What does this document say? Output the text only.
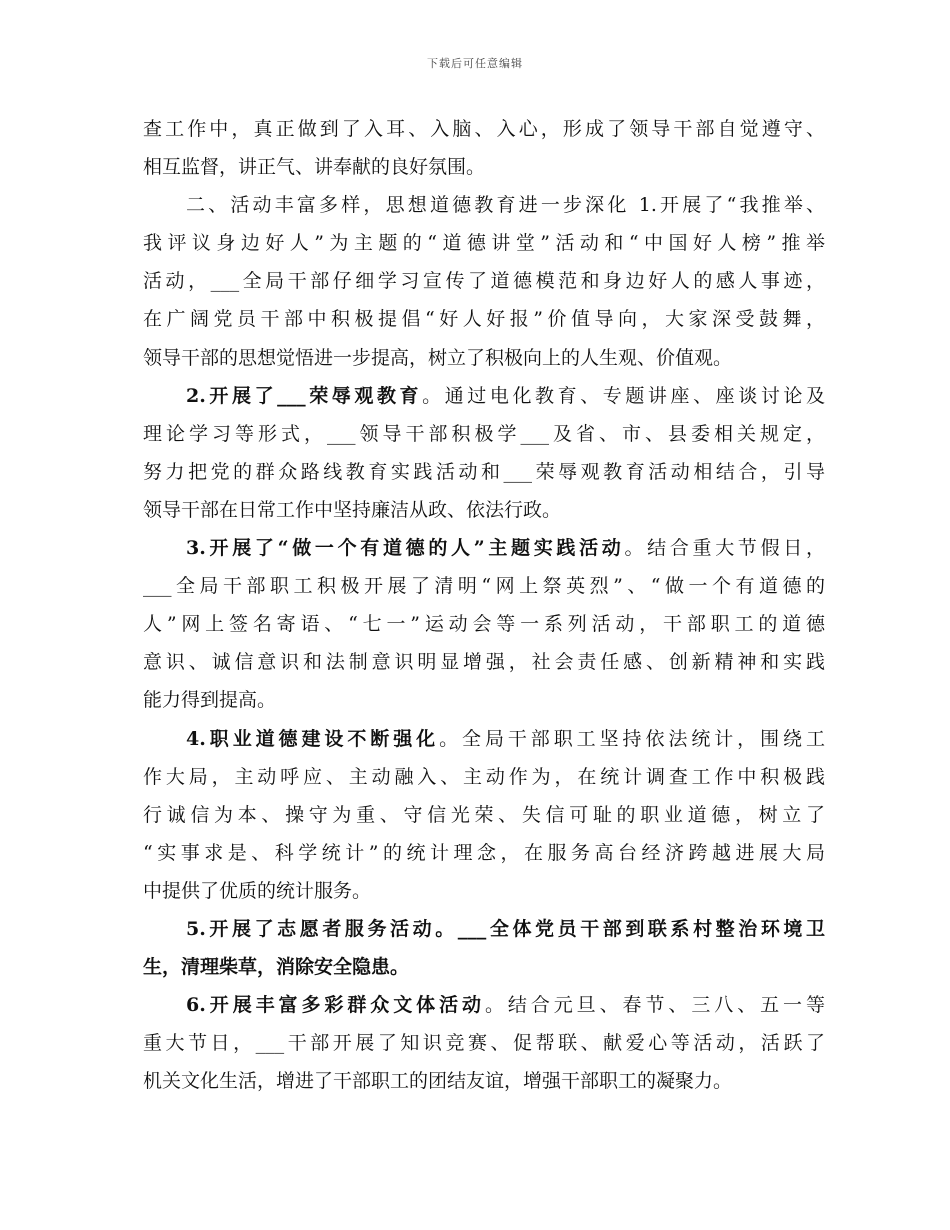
下载后可任意编辑
查工作中，真正做到了入耳、入脑、入心，形成了领导干部自觉遵守、
相互监督，讲正气、讲奉献的良好氛围。
二、活动丰富多样，思想道德教育进一步深化 1.开展了“我推举、
我评议身边好人”为主题的“道德讲堂”活动和“中国好人榜”推举
活动，___全局干部仔细学习宣传了道德模范和身边好人的感人事迹，
在广阔党员干部中积极提倡“好人好报”价值导向，大家深受鼓舞，
领导干部的思想觉悟进一步提高，树立了积极向上的人生观、价值观。
2.开展了___荣辱观教育。通过电化教育、专题讲座、座谈讨论及
理论学习等形式，___领导干部积极学___及省、市、县委相关规定，
努力把党的群众路线教育实践活动和___荣辱观教育活动相结合，引导
领导干部在日常工作中坚持廉洁从政、依法行政。
3.开展了“做一个有道德的人”主题实践活动。结合重大节假日，
___全局干部职工积极开展了清明“网上祭英烈”、“做一个有道德的
人”网上签名寄语、“七一”运动会等一系列活动，干部职工的道德
意识、诚信意识和法制意识明显增强，社会责任感、创新精神和实践
能力得到提高。
4.职业道德建设不断强化。全局干部职工坚持依法统计，围绕工
作大局，主动呼应、主动融入、主动作为，在统计调查工作中积极践
行诚信为本、操守为重、守信光荣、失信可耻的职业道德，树立了
“实事求是、科学统计”的统计理念，在服务高台经济跨越进展大局
中提供了优质的统计服务。
5.开展了志愿者服务活动。___全体党员干部到联系村整治环境卫
生，清理柴草，消除安全隐患。
6.开展丰富多彩群众文体活动。结合元旦、春节、三八、五一等
重大节日，___干部开展了知识竞赛、促帮联、献爱心等活动，活跃了
机关文化生活，增进了干部职工的团结友谊，增强干部职工的凝聚力。
